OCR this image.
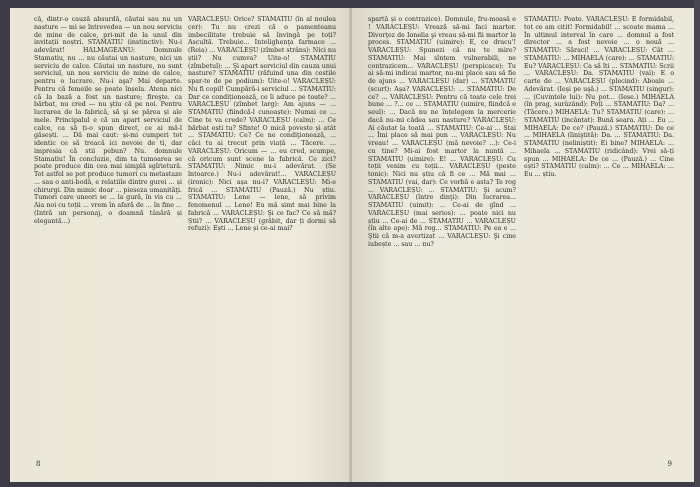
că, dintr-o cauză absurdă, căutai sau nu un nasture — mi se întrevedea — un nou serviciu de mine de calce, pri-mit de la unul din invitații noștri. STAMATIU (instinctiv): Nu-i adevărat! HALMAGEANU: Domnule Stamatiu, nu ... nu căutai un nasture, nici un serviciu de calce. Căutai un nasture, nu sunt serviciul, un nou serviciu de mine de calce, pentru o lucrare. Nu-i aşa? Mai departe. Pentru că femeile se poate înșela. Atena nici că la bază a fost un nasture; fireşte. ca bărbat, nu cred — nu ştiu că pe noi. Pentru lucrarea de la fabrică, să şi se părea și ale mele. Principalul e că un apart serviciul de calce, ca să ți-o spun direct, ce ai mă-l găsești. ... Dă mai caut: și-mi cumperi tot identic ce să treacă ici nevoie de ti, dar impresia că stii pebun? Nu. domnule Stamatiu! În concluzie, dim ta tumoarea se poate produce din cea mai simplă sgîrietură. Tot astfel se pot produce tumori cu metastaze ... sau o anti-bodă, e relatiile dintre gurei ... și chirurgi. Din mimic doar ... pieseza umanităţi. Tumori care uneori se ... la gură, în vis cu ... Aia noi cu toții ... vrem în afară de ... în fine ... (Intră un personaj, o doamnă tânără și elegantă...)
VARACLEȘU: Orice? STAMATIU (în al noulea cer): Tu nu crezi că o pamenteanu imbecilitate trebuie să învingă pe toți? Ascultă. Trebuie... Intelighenţa farmace ... (Reia) ... VARACLEȘU (zîmbet strâns): Nici nu știi? Nu cumva? Uite-o! STAMATIU (zîmbetul): ... Şi apart serviciul din cauza unui nasture? STAMATIU (răfuind una din cestile spar-te de pe podium): Uite-o! VARACLEȘU: Nu fi copil! Cumpără-i serviciul ... STAMATIU: Dar ce condiționează, ce îi aduce pe toate? ... VARACLEȘU (zîmbet larg): Am ajuns — ... STAMATIU (fiindcă-l cunoaște): Numai ce ... Cine te va crede? VARACLEȘU (calm): ... Ce bărbat ești tu? Sfinte! O mică poveste și atât ... STAMATIU: Ce? Ce ne condiţionează, ... căci tu ai trecut prin viață ... Tăcere. ... VARACLEȘU: Oricum — ... eu cred, scumpe, că oricum sunt scene la fabrică. Ce zici? STAMATIU: Nimic nu-i adevărat. (Se întoarce.) Nu-i adevărat!... VARACLEȘU (ironic): Nici așa nu-i? VARACLEȘU: Mi-e frică ... STAMATIU (Pauză.) Nu știu. STAMATIU: Lene — lene, să privim fenomenul ... Lene! Eu mă simt mai bine la fabrică ... VARACLEȘU: Şi ce fac? Ce să mă? Știi? ... VARACLEȘU (grăbit, dar ți dormi să refuzi): Ești ... Lene și ce-ai mai?
8
spartă și o contrazice). Domnule, fru-moasă e ! VARACLEȘU: Vrează să-mi faci martor. Divorţez de Ionelia şi vreau să-mi fii martor la proces. STAMATIU (uimire): E, ce dracu'! VARACLEȘU: Spunezi că nu te mire? STAMATIU: Mai sîntem vulnerabili, ne contrazicem... VARACLEȘU (perspicace): Tu ai să-mi indicai martor, nu-mi place sau să fie de ajuns ... VARACLEȘU (dar) ... STAMATIU (scurt): Așa? VARACLEȘU: ... STAMATIU: De ce? ... VARACLEȘU: Pentru că toate cele trei bune ... ?... ce ... STAMATIU (uimire, fiindcă e seul): ... Dacă nu ne înțelegem la mercerie dacă nu-mi cădea sau nasture? VARACLEȘU: Ai căutat la toată ... STAMATIU: Ce-ai ... Stai ... Îmi place să mai pun ... VARACLEȘU: Nu vreau! ... VARACLEȘU (mă nevoie? ...): Ce-i cu tine? Mi-ai fost martor la nuntă ... STAMATIU (uimire): E! ... VARACLEȘU: Cu toții venim cu toții... VARACLEȘU (peste tonic): Nici nu știu că fi ce ... Mă mai ... STAMATIU (vai, dar): Ce vorbă e asta? Te rog ... VARACLEȘU: ... STAMATIU: Şi acum? VARACLEȘU (între dinţi): Din lucrarea... STAMATIU (uimit): ... Ce-ai de gînd ... VARACLEȘU (mai serios): ... poate nici nu știu ... Ce-ai de ... STAMATIU ... VARACLEȘU (în alte ape): Mă rog... STAMATIU: Pe ea e ... Ştii că m-a avertizat ... VARACLEȘU: Şi cine iubește ... sau ... nu?
STAMATIU: Poate. VARACLEȘU: E formidabil, tot ce am citit! Formidabil! ... scoate mama ... În ultimul interval în care ... domnul a fost director ... a fost nevoie ... o nouă ... STAMATIU: Săraci! ... VARACLEȘU: Cât ... STAMATIU: ... MIHAELA (care): ... STAMATIU: Eu? VARACLEȘU: Ca să îți ... STAMATIU: Scrii ... VARACLEȘU: Da. STAMATIU (vai): E o carte de ... VARACLEȘU (plecind): Aboale ... Adevărat. (Ieși pe uşă.) ... STAMATIU (singur): ... (Cuvintele lui): Nu pot... (Iese.) MIHAELA (în prag, surâzând): Poți ... STAMATIU: Da? ... (Tăcere.) MIHAELA: Tu? STAMATIU (care): ... STAMATIU (incântat): Bună seara. Ați ... Eu ... MIHAELA: De ce? (Pauză.) STAMATIU: De ce ... MIHAELA (liniştită): Da. ... STAMATIU: Da. STAMATIU (neliniștit): Ei bine? MIHAELA: ... Mihaela ... STAMATIU (ridicând): Vrei să-ți spun ... MIHAELA: De ce ... (Pauză.) ... Cine ești? STAMATIU (calm): ... Ce ... MIHAELA: ... Eu ... știu.
9
